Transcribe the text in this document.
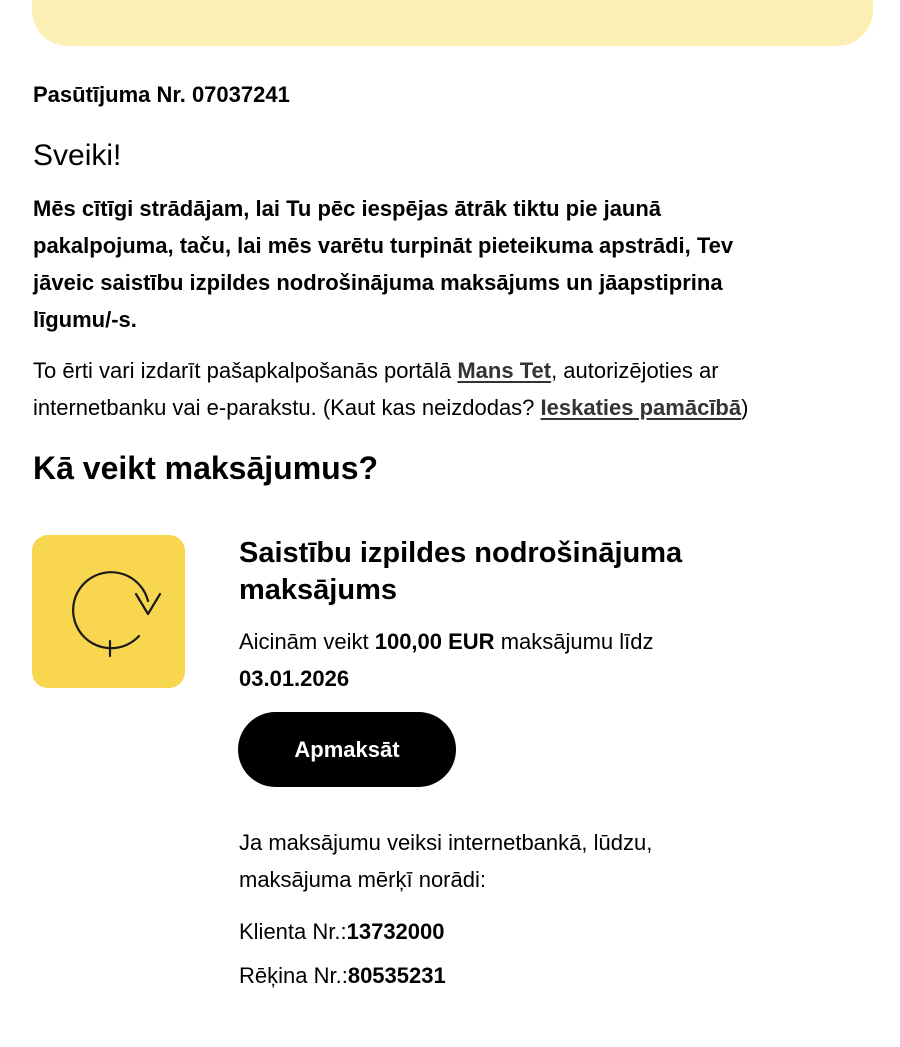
Pasūtījuma Nr. 07037241
Sveiki!
Mēs cītīgi strādājam, lai Tu pēc iespējas ātrāk tiktu pie jaunā
pakalpojuma, taču, lai mēs varētu turpināt pieteikuma apstrādi, Tev
jāveic saistību izpildes nodrošinājuma maksājums un jāapstiprina
līgumu/-s.
To ērti vari izdarīt pašapkalpošanās portālā Mans Tet, autorizējoties ar
internetbanku vai e-parakstu. (Kaut kas neizdodas? Ieskaties pamācībā)
Kā veikt maksājumus?
Saistību izpildes nodrošinājuma
maksājums
Aicinām veikt 100,00 EUR maksājumu līdz
03.01.2026
Apmaksāt
Ja maksājumu veiksi internetbankā, lūdzu,
maksājuma mērķī norādi:
Klienta Nr.:13732000
Rēķina Nr.:80535231
